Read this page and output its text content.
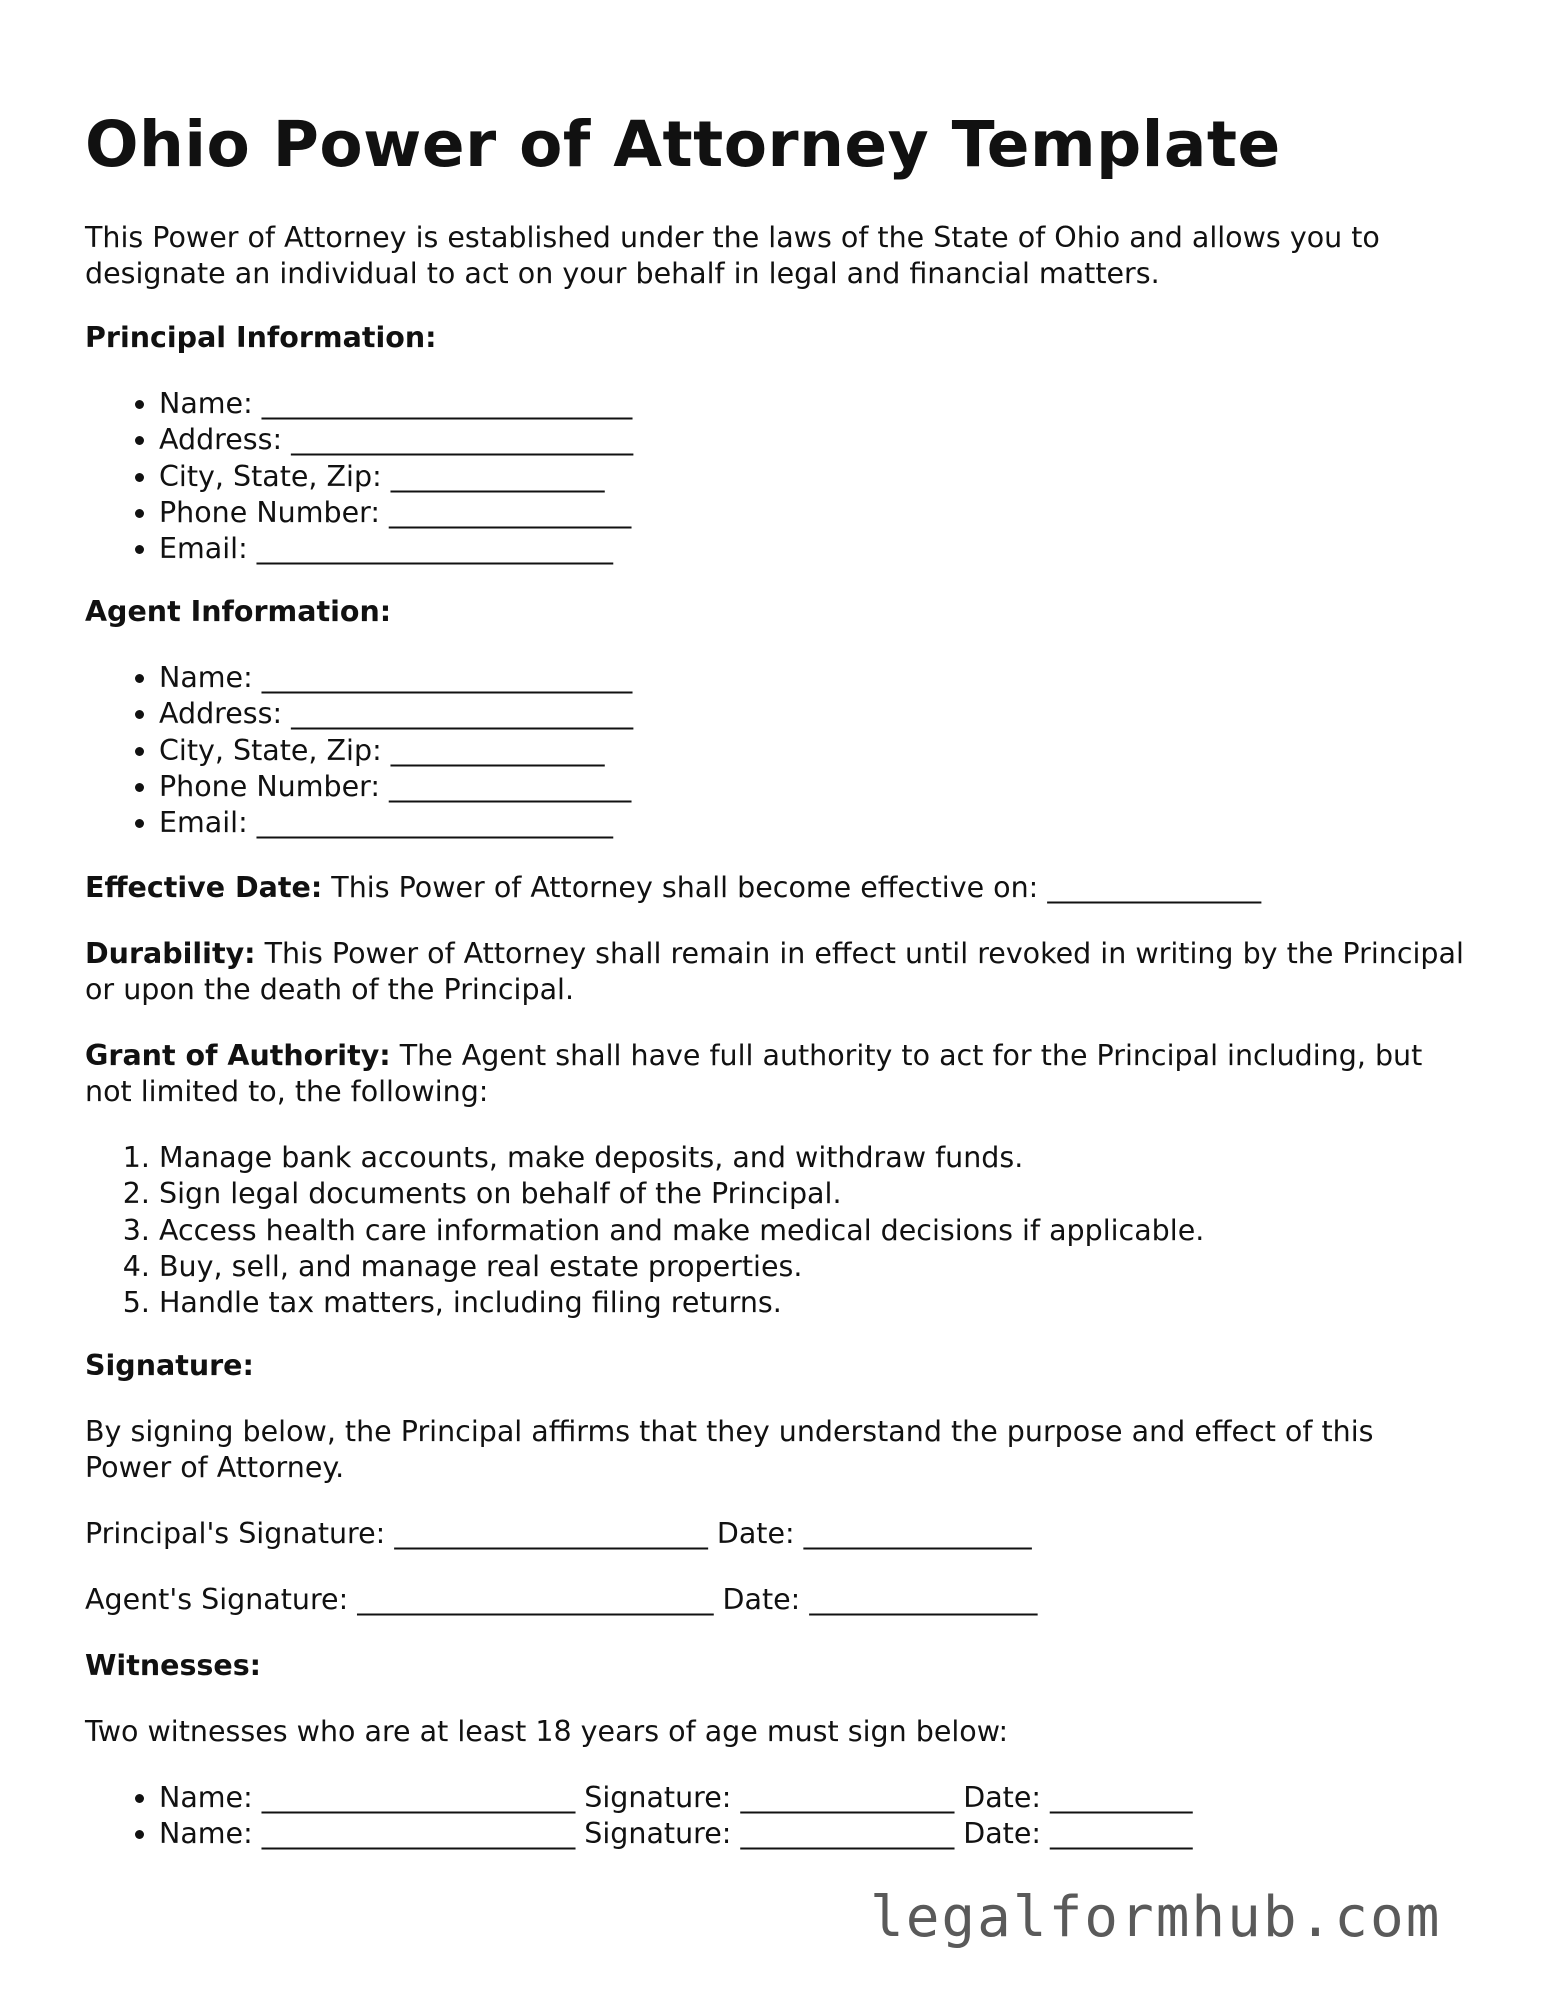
Ohio Power of Attorney Template
This Power of Attorney is established under the laws of the State of Ohio and allows you to designate an individual to act on your behalf in legal and financial matters.
Principal Information:
• Name: __________________________
• Address: ________________________
• City, State, Zip: _______________
• Phone Number: _________________
• Email: _________________________
Agent Information:
• Name: __________________________
• Address: ________________________
• City, State, Zip: _______________
• Phone Number: _________________
• Email: _________________________
Effective Date: This Power of Attorney shall become effective on: _______________
Durability: This Power of Attorney shall remain in effect until revoked in writing by the Principal or upon the death of the Principal.
Grant of Authority: The Agent shall have full authority to act for the Principal including, but not limited to, the following:
1. Manage bank accounts, make deposits, and withdraw funds.
2. Sign legal documents on behalf of the Principal.
3. Access health care information and make medical decisions if applicable.
4. Buy, sell, and manage real estate properties.
5. Handle tax matters, including filing returns.
Signature:
By signing below, the Principal affirms that they understand the purpose and effect of this Power of Attorney.
Principal's Signature: ______________________ Date: ________________
Agent's Signature: _________________________ Date: ________________
Witnesses:
Two witnesses who are at least 18 years of age must sign below:
• Name: ______________________ Signature: _______________ Date: __________
• Name: ______________________ Signature: _______________ Date: __________
legalformhub.com
